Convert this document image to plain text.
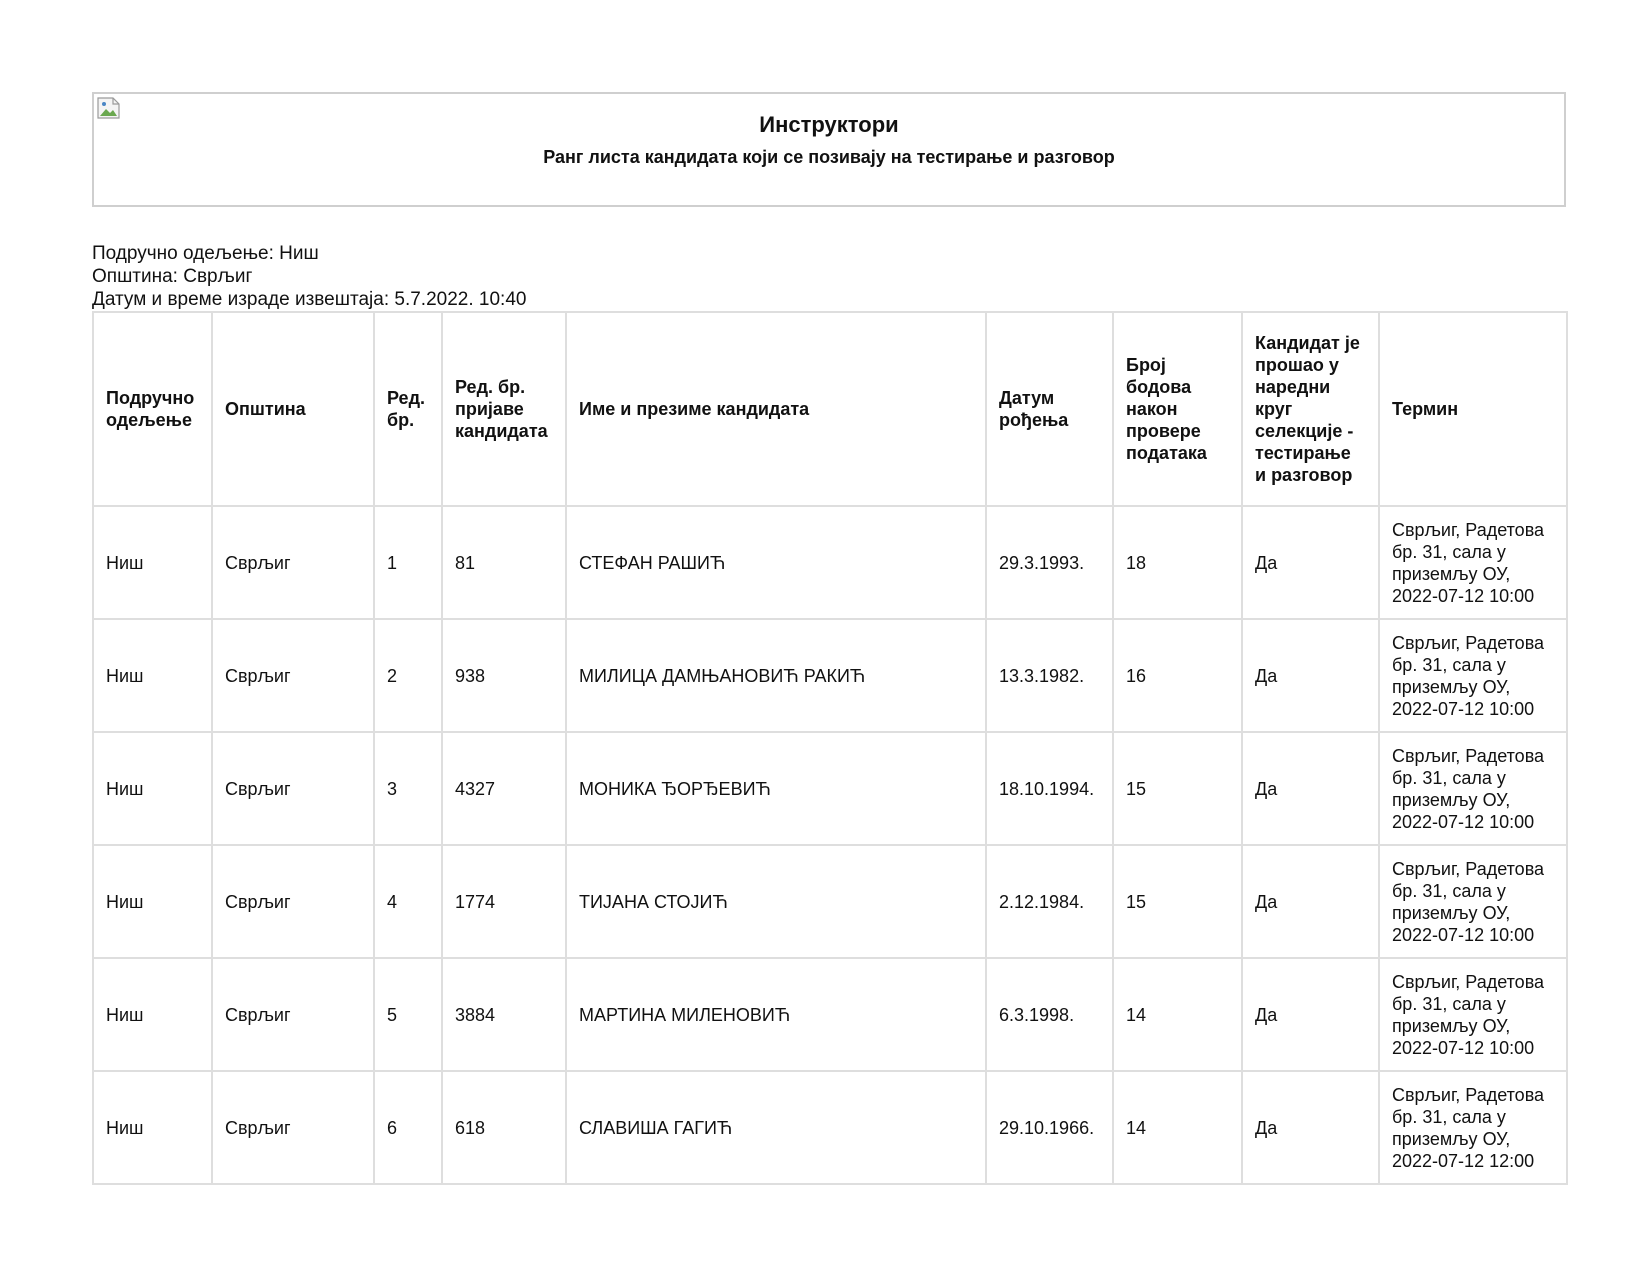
Инструктори
Ранг листа кандидата који се позивају на тестирање и разговор
Подручно одељење: Ниш
Општина: Сврљиг
Датум и време израде извештаја: 5.7.2022. 10:40
Подручно одељење	Општина	Ред. бр.	Ред. бр. пријаве кандидата	Име и презиме кандидата	Датум рођења	Број бодова након провере података	Кандидат је прошао у наредни круг селекције - тестирање и разговор	Термин
Ниш	Сврљиг	1	81	СТЕФАН РАШИЋ	29.3.1993.	18	Да	Сврљиг, Радетова бр. 31, сала у приземљу ОУ, 2022-07-12 10:00
Ниш	Сврљиг	2	938	МИЛИЦА ДАМЊАНОВИЋ РАКИЋ	13.3.1982.	16	Да	Сврљиг, Радетова бр. 31, сала у приземљу ОУ, 2022-07-12 10:00
Ниш	Сврљиг	3	4327	МОНИКА ЂОРЂЕВИЋ	18.10.1994.	15	Да	Сврљиг, Радетова бр. 31, сала у приземљу ОУ, 2022-07-12 10:00
Ниш	Сврљиг	4	1774	ТИЈАНА СТОЈИЋ	2.12.1984.	15	Да	Сврљиг, Радетова бр. 31, сала у приземљу ОУ, 2022-07-12 10:00
Ниш	Сврљиг	5	3884	МАРТИНА МИЛЕНОВИЋ	6.3.1998.	14	Да	Сврљиг, Радетова бр. 31, сала у приземљу ОУ, 2022-07-12 10:00
Ниш	Сврљиг	6	618	СЛАВИША ГАГИЋ	29.10.1966.	14	Да	Сврљиг, Радетова бр. 31, сала у приземљу ОУ, 2022-07-12 12:00
